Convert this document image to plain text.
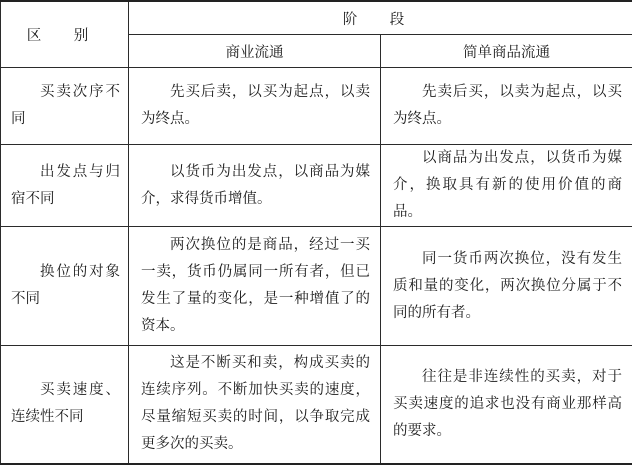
区 别	阶 段	
	商业流通	简单商品流通
买卖次序不同	先买后卖，以买为起点，以卖为终点。	先卖后买，以卖为起点，以买为终点。
出发点与归宿不同	以货币为出发点，以商品为媒介，求得货币增值。	以商品为出发点，以货币为媒介，换取具有新的使用价值的商品。
换位的对象不同	两次换位的是商品，经过一买一卖，货币仍属同一所有者，但已发生了量的变化，是一种增值了的资本。	同一货币两次换位，没有发生质和量的变化，两次换位分属于不同的所有者。
买卖速度、连续性不同	这是不断买和卖，构成买卖的连续序列。不断加快买卖的速度，尽量缩短买卖的时间，以争取完成更多次的买卖。	往往是非连续性的买卖，对于买卖速度的追求也没有商业那样高的要求。
